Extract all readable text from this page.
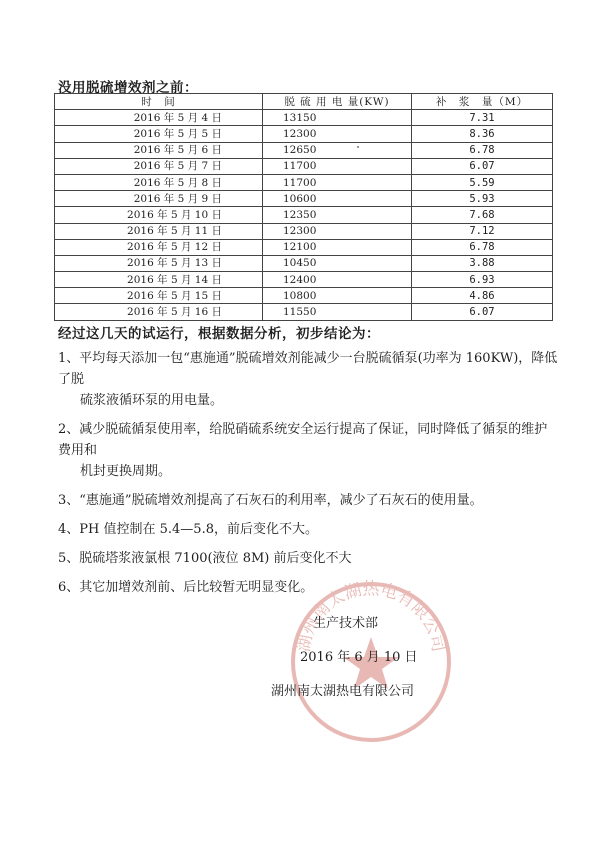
没用脱硫增效剂之前：
时　间	脱 硫 用 电 量(KW)	补　浆　量（M）
2016 年 5 月 4 日	13150	7.31
2016 年 5 月 5 日	12300	8.36
2016 年 5 月 6 日	12650	6.78
2016 年 5 月 7 日	11700	6.07
2016 年 5 月 8 日	11700	5.59
2016 年 5 月 9 日	10600	5.93
2016 年 5 月 10 日	12350	7.68
2016 年 5 月 11 日	12300	7.12
2016 年 5 月 12 日	12100	6.78
2016 年 5 月 13 日	10450	3.88
2016 年 5 月 14 日	12400	6.93
2016 年 5 月 15 日	10800	4.86
2016 年 5 月 16 日	11550	6.07
经过这几天的试运行，根据数据分析，初步结论为：
1、平均每天添加一包“惠施通”脱硫增效剂能减少一台脱硫循泵(功率为 160KW)，降低了脱
硫浆液循环泵的用电量。
2、减少脱硫循泵使用率，给脱硝硫系统安全运行提高了保证，同时降低了循泵的维护费用和
机封更换周期。
3、“惠施通”脱硫增效剂提高了石灰石的利用率，减少了石灰石的使用量。
4、PH 值控制在 5.4—5.8，前后变化不大。
5、脱硫塔浆液氯根 7100(液位 8M) 前后变化不大
6、其它加增效剂前、后比较暂无明显变化。
湖州南太湖热电有限公司
生产技术部
2016 年 6 月 10 日
湖州南太湖热电有限公司
